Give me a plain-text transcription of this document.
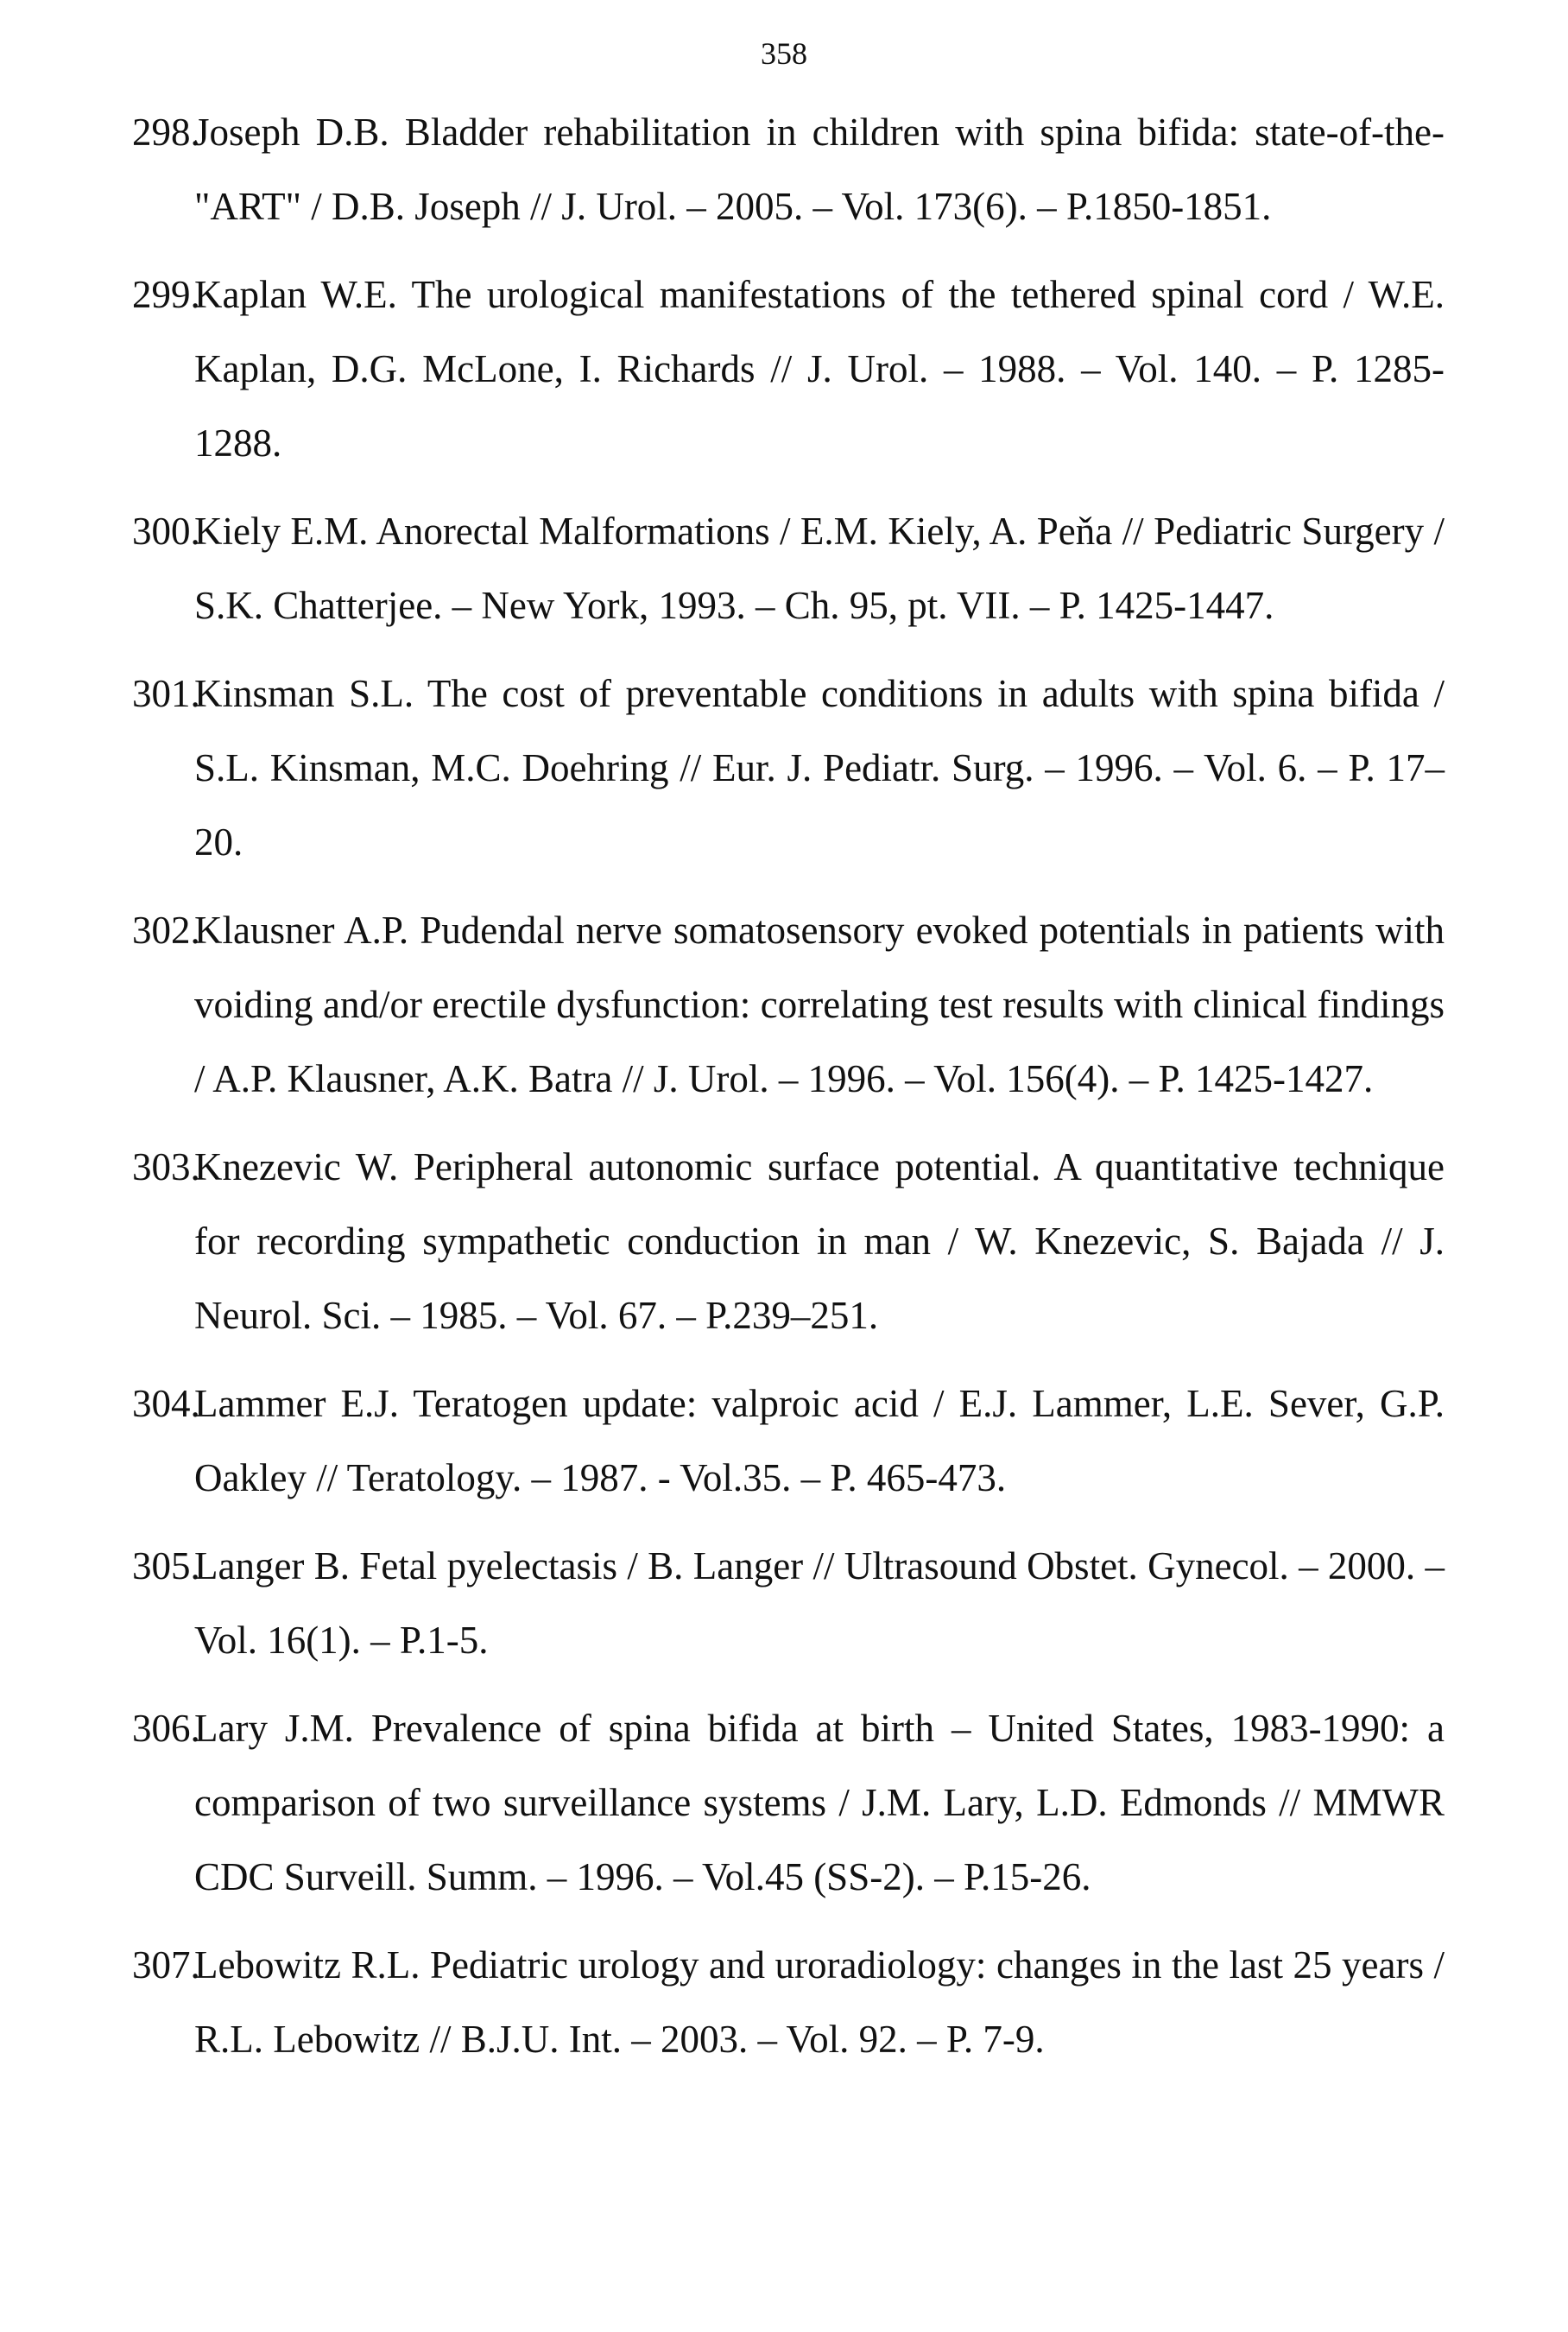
358
298.
Joseph D.B. Bladder rehabilitation in children with spina bifida: state-of-the-"ART" / D.B. Joseph // J. Urol. – 2005. – Vol. 173(6). – P.1850-1851.
299.
Kaplan W.E. The urological manifestations of the tethered spinal cord / W.E. Kaplan, D.G. McLone, I. Richards // J. Urol. – 1988. – Vol. 140. – P. 1285-1288.
300.
Kiely E.M. Anorectal Malformations / E.M. Kiely, A. Peňa // Pediatric Surgery / S.K. Chatterjee. – New York, 1993. – Ch. 95, pt. VII. – P. 1425-1447.
301.
Kinsman S.L. The cost of preventable conditions in adults with spina bifida / S.L. Kinsman, M.C. Doehring // Eur. J. Pediatr. Surg. – 1996. – Vol. 6. – P. 17–20.
302.
Klausner A.P. Pudendal nerve somatosensory evoked potentials in patients with voiding and/or erectile dysfunction: correlating test results with clinical findings / A.P. Klausner, A.K. Batra // J. Urol. – 1996. – Vol. 156(4). – P. 1425-1427.
303.
Knezevic W. Peripheral autonomic surface potential. A quantitative technique for recording sympathetic conduction in man / W. Knezevic, S. Bajada // J. Neurol. Sci. – 1985. – Vol. 67. – P.239–251.
304.
Lammer E.J. Teratogen update: valproic acid / E.J. Lammer, L.E. Sever, G.P. Oakley // Teratology. – 1987. - Vol.35. – P. 465-473.
305.
Langer B. Fetal pyelectasis / B. Langer // Ultrasound Obstet. Gynecol. – 2000. – Vol. 16(1). – P.1-5.
306.
Lary J.M. Prevalence of spina bifida at birth – United States, 1983-1990: a comparison of two surveillance systems / J.M. Lary, L.D. Edmonds // MMWR CDC Surveill. Summ. – 1996. – Vol.45 (SS-2). – P.15-26.
307.
Lebowitz R.L. Pediatric urology and uroradiology: changes in the last 25 years / R.L. Lebowitz // B.J.U. Int. – 2003. – Vol. 92. – P. 7-9.
